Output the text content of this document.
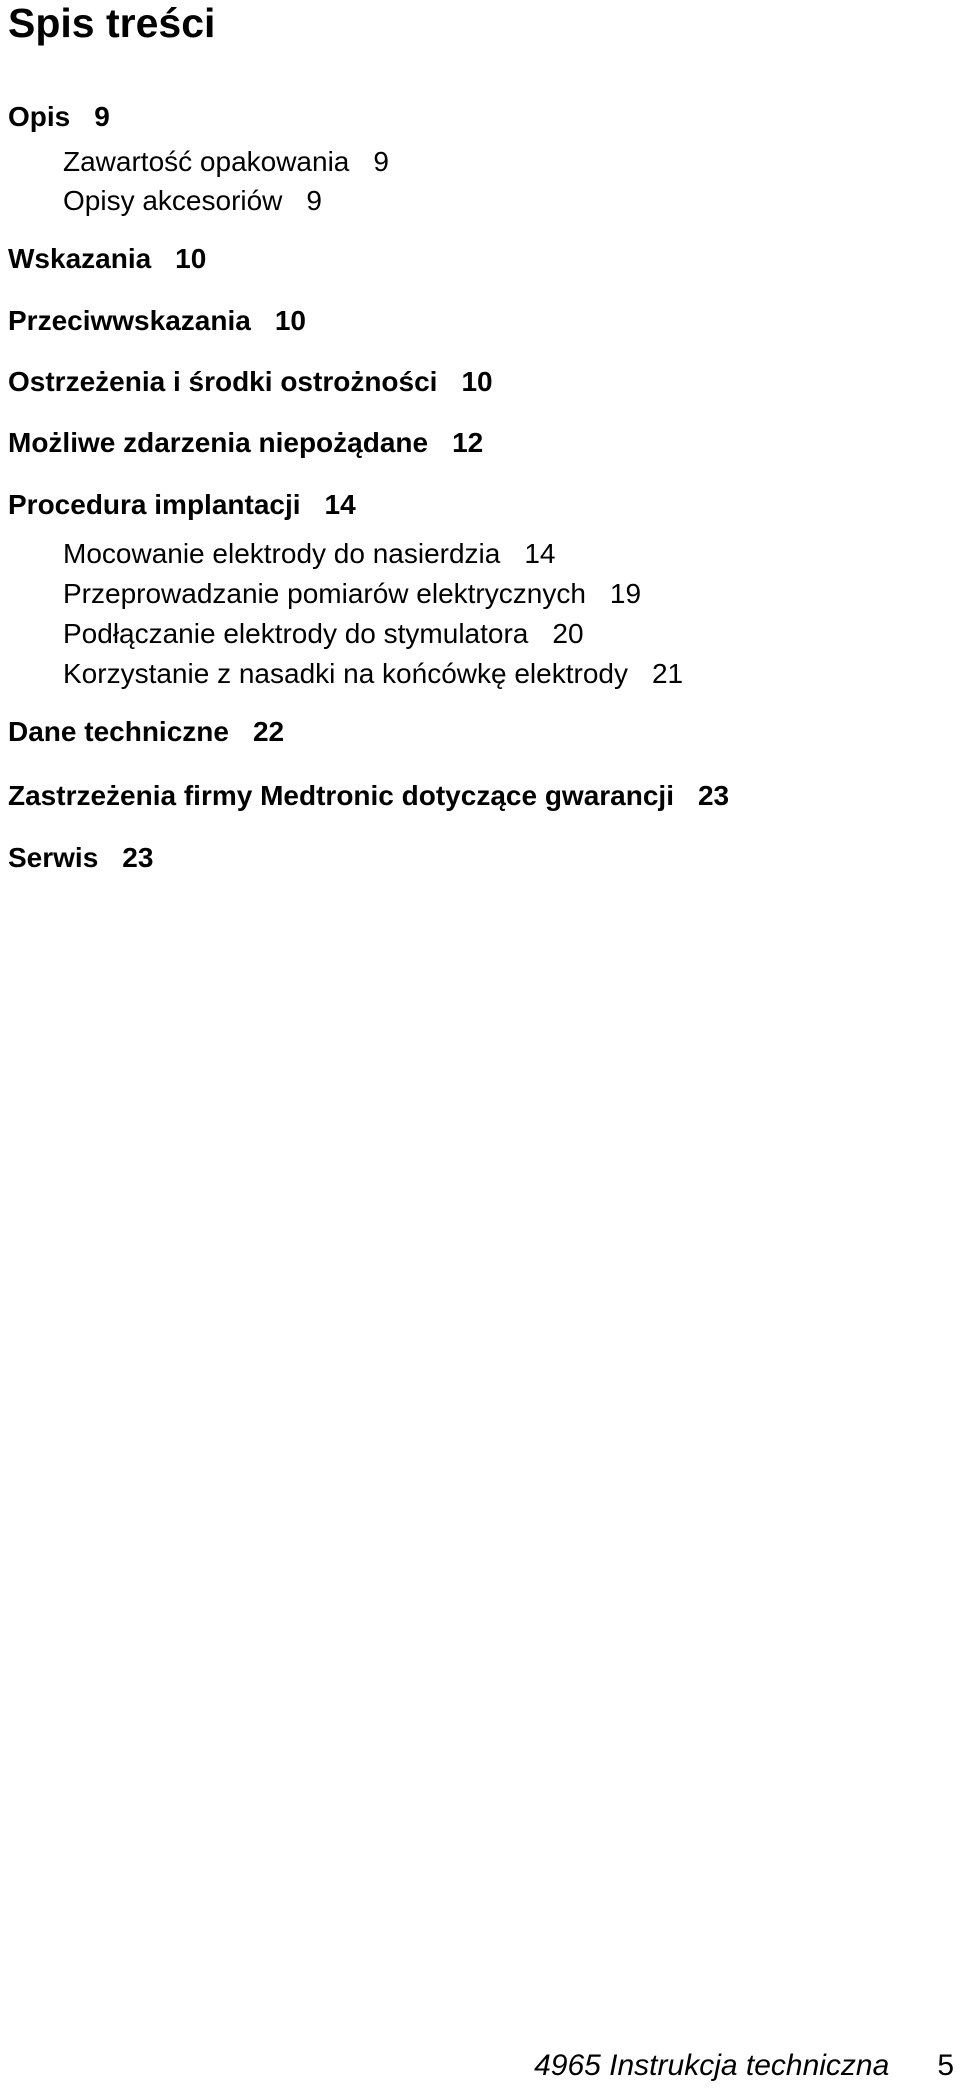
Spis treści
Opis 9
Zawartość opakowania 9
Opisy akcesoriów 9
Wskazania 10
Przeciwwskazania 10
Ostrzeżenia i środki ostrożności 10
Możliwe zdarzenia niepożądane 12
Procedura implantacji 14
Mocowanie elektrody do nasierdzia 14
Przeprowadzanie pomiarów elektrycznych 19
Podłączanie elektrody do stymulatora 20
Korzystanie z nasadki na końcówkę elektrody 21
Dane techniczne 22
Zastrzeżenia firmy Medtronic dotyczące gwarancji 23
Serwis 23
4965 Instrukcja techniczna 5
